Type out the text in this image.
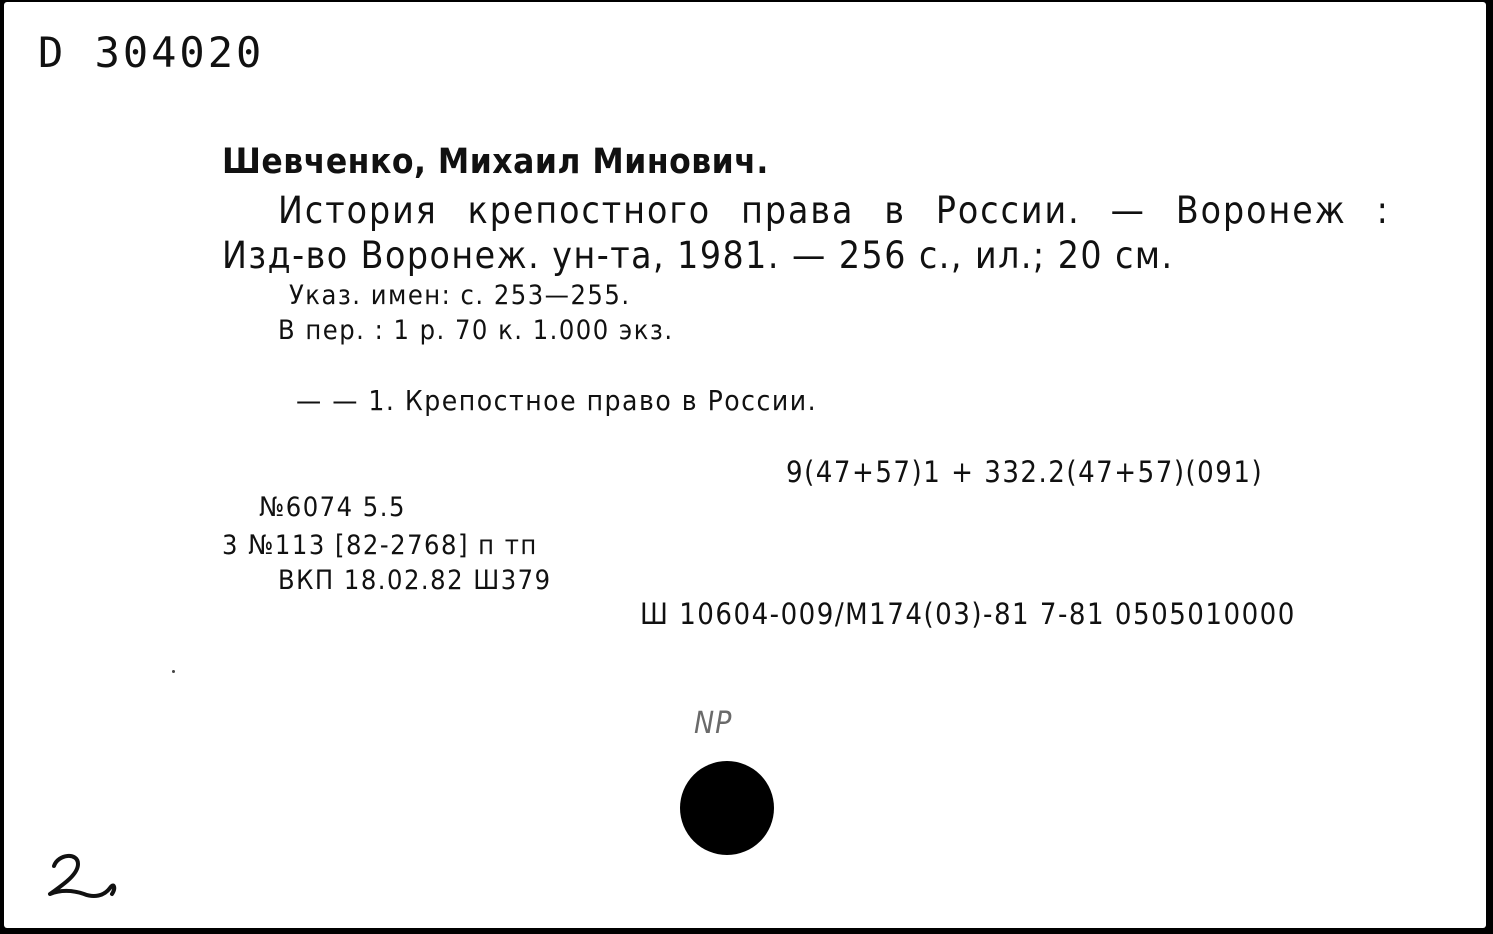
D 304020
Шевченко, Михаил Минович.
История крепостного права в России. — Воронеж :
Изд-во Воронеж. ун-та, 1981. — 256 с., ил.; 20 см.
Указ. имен: с. 253—255.
В пер. : 1 р. 70 к. 1.000 экз.
— — 1. Крепостное право в России.
9(47+57)1 + 332.2(47+57)(091)
№6074 5.5
3 №113 [82-2768] п тп
ВКП 18.02.82 Ш379
Ш 10604-009/М174(03)-81 7-81 0505010000
NP
